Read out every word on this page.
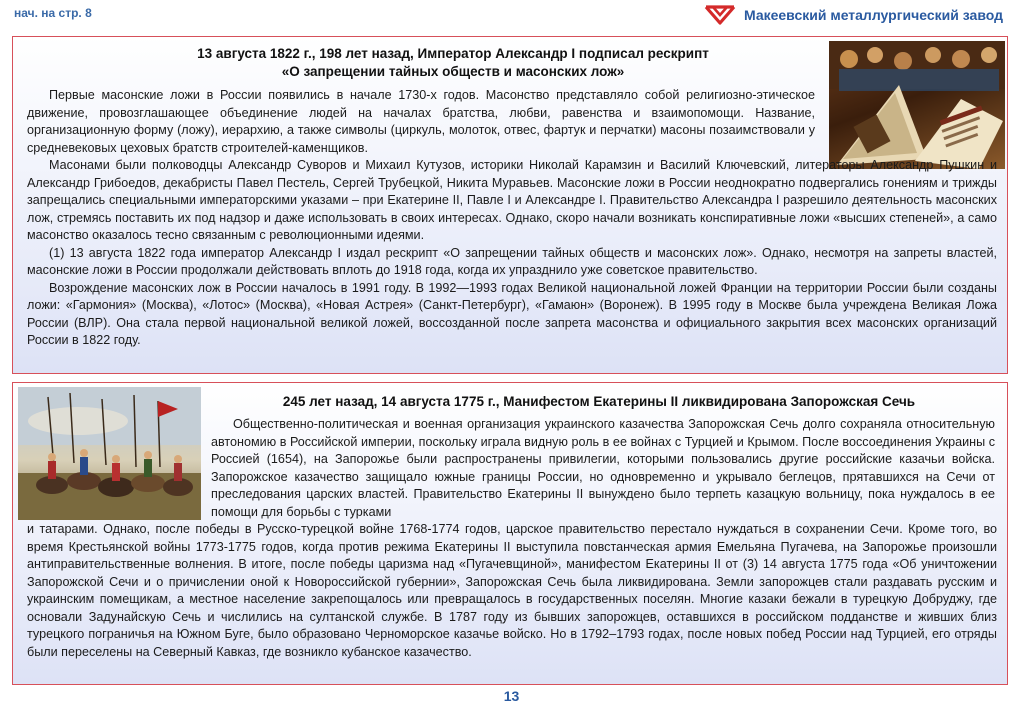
нач. на стр. 8	Макеевский металлургический завод
13 августа 1822 г., 198 лет назад, Император Александр I подписал рескрипт
«О запрещении тайных обществ и масонских лож»

Первые масонские ложи в России появились в начале 1730-х годов. Масонство представляло собой религиозно-этическое движение, провозглашающее объединение людей на началах братства, любви, равенства и взаимопомощи. Название, организационную форму (ложу), иерархию, а также символы (циркуль, молоток, отвес, фартук и перчатки) масоны позаимствовали у средневековых цеховых братств строителей-каменщиков.

Масонами были полководцы Александр Суворов и Михаил Кутузов, историки Николай Карамзин и Василий Ключевский, литераторы Александр Пушкин и Александр Грибоедов, декабристы Павел Пестель, Сергей Трубецкой, Никита Муравьев. Масонские ложи в России неоднократно подвергались гонениям и трижды запрещались специальными императорскими указами – при Екатерине II, Павле I и Александре I. Правительство Александра I разрешило деятельность масонских лож, стремясь поставить их под надзор и даже использовать в своих интересах. Однако, скоро начали возникать конспиративные ложи «высших степеней», а само масонство оказалось тесно связанным с революционными идеями.

(1) 13 августа 1822 года император Александр I издал рескрипт «О запрещении тайных обществ и масонских лож». Однако, несмотря на запреты властей, масонские ложи в России продолжали действовать вплоть до 1918 года, когда их упразднило уже советское правительство.

Возрождение масонских лож в России началось в 1991 году. В 1992—1993 годах Великой национальной ложей Франции на территории России были созданы ложи: «Гармония» (Москва), «Лотос» (Москва), «Новая Астрея» (Санкт-Петербург), «Гамаюн» (Воронеж). В 1995 году в Москве была учреждена Великая Ложа России (ВЛР). Она стала первой национальной великой ложей, воссозданной после запрета масонства и официального закрытия всех масонских организаций России в 1822 году.

245 лет назад, 14 августа 1775 г., Манифестом Екатерины II ликвидирована Запорожская Сечь

Общественно-политическая и военная организация украинского казачества Запорожская Сечь долго сохраняла относительную автономию в Российской империи, поскольку играла видную роль в ее войнах с Турцией и Крымом. После воссоединения Украины с Россией (1654), на Запорожье были распространены привилегии, которыми пользовались другие российские казачьи войска. Запорожское казачество защищало южные границы России, но одновременно и укрывало беглецов, прятавшихся на Сечи от преследования царских властей. Правительство Екатерины II вынуждено было терпеть казацкую вольницу, пока нуждалось в ее помощи для борьбы с турками

и татарами. Однако, после победы в Русско-турецкой войне 1768-1774 годов, царское правительство перестало нуждаться в сохранении Сечи. Кроме того, во время Крестьянской войны 1773-1775 годов, когда против режима Екатерины II выступила повстанческая армия Емельяна Пугачева, на Запорожье произошли антиправительственные волнения. В итоге, после победы царизма над «Пугачевщиной», манифестом Екатерины II от (3) 14 августа 1775 года «Об уничтожении Запорожской Сечи и о причислении оной к Новороссийской губернии», Запорожская Сечь была ликвидирована. Земли запорожцев стали раздавать русским и украинским помещикам, а местное население закрепощалось или превращалось в государственных поселян. Многие казаки бежали в турецкую Добруджу, где основали Задунайскую Сечь и числились на султанской службе. В 1787 году из бывших запорожцев, оставшихся в российском подданстве и живших близ турецкого пограничья на Южном Буге, было образовано Черноморское казачье войско. Но в 1792–1793 годах, после новых побед России над Турцией, его отряды были переселены на Северный Кавказ, где возникло кубанское казачество.

13
